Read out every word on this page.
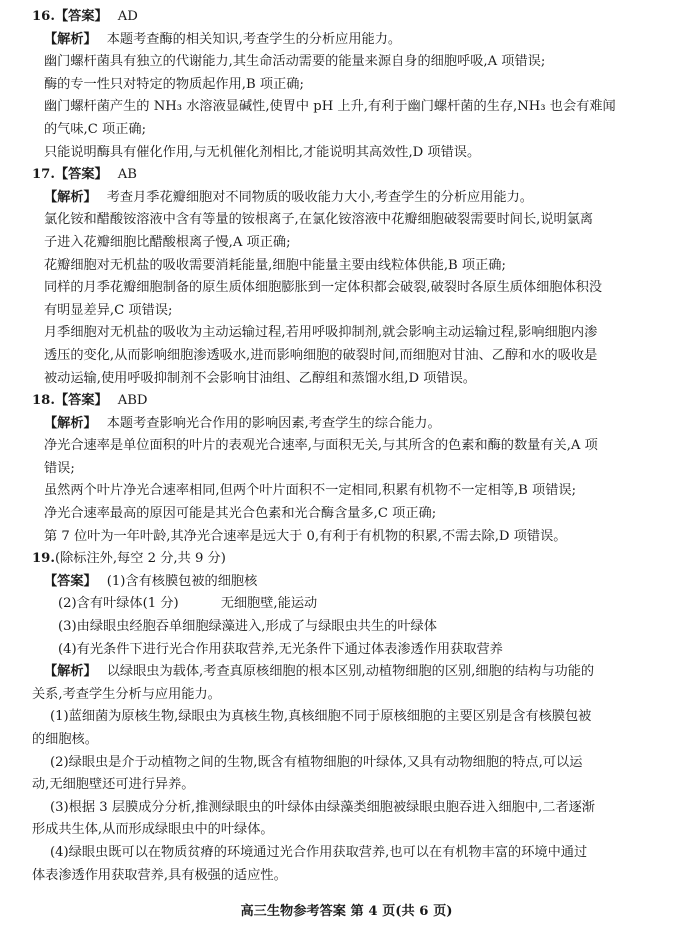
16.【答案】 AD
【解析】 本题考查酶的相关知识,考查学生的分析应用能力。
幽门螺杆菌具有独立的代谢能力,其生命活动需要的能量来源自身的细胞呼吸,A 项错误;
酶的专一性只对特定的物质起作用,B 项正确;
幽门螺杆菌产生的 NH₃ 水溶液显碱性,使胃中 pH 上升,有利于幽门螺杆菌的生存,NH₃ 也会有难闻
的气味,C 项正确;
只能说明酶具有催化作用,与无机催化剂相比,才能说明其高效性,D 项错误。
17.【答案】 AB
【解析】 考查月季花瓣细胞对不同物质的吸收能力大小,考查学生的分析应用能力。
氯化铵和醋酸铵溶液中含有等量的铵根离子,在氯化铵溶液中花瓣细胞破裂需要时间长,说明氯离
子进入花瓣细胞比醋酸根离子慢,A 项正确;
花瓣细胞对无机盐的吸收需要消耗能量,细胞中能量主要由线粒体供能,B 项正确;
同样的月季花瓣细胞制备的原生质体细胞膨胀到一定体积都会破裂,破裂时各原生质体细胞体积没
有明显差异,C 项错误;
月季细胞对无机盐的吸收为主动运输过程,若用呼吸抑制剂,就会影响主动运输过程,影响细胞内渗
透压的变化,从而影响细胞渗透吸水,进而影响细胞的破裂时间,而细胞对甘油、乙醇和水的吸收是
被动运输,使用呼吸抑制剂不会影响甘油组、乙醇组和蒸馏水组,D 项错误。
18.【答案】 ABD
【解析】 本题考查影响光合作用的影响因素,考查学生的综合能力。
净光合速率是单位面积的叶片的表观光合速率,与面积无关,与其所含的色素和酶的数量有关,A 项
错误;
虽然两个叶片净光合速率相同,但两个叶片面积不一定相同,积累有机物不一定相等,B 项错误;
净光合速率最高的原因可能是其光合色素和光合酶含量多,C 项正确;
第 7 位叶为一年叶龄,其净光合速率是远大于 0,有利于有机物的积累,不需去除,D 项错误。
19.(除标注外,每空 2 分,共 9 分)
【答案】 (1)含有核膜包被的细胞核
(2)含有叶绿体(1 分)	无细胞壁,能运动
(3)由绿眼虫经胞吞单细胞绿藻进入,形成了与绿眼虫共生的叶绿体
(4)有光条件下进行光合作用获取营养,无光条件下通过体表渗透作用获取营养
【解析】 以绿眼虫为载体,考查真原核细胞的根本区别,动植物细胞的区别,细胞的结构与功能的
关系,考查学生分析与应用能力。
(1)蓝细菌为原核生物,绿眼虫为真核生物,真核细胞不同于原核细胞的主要区别是含有核膜包被
的细胞核。
(2)绿眼虫是介于动植物之间的生物,既含有植物细胞的叶绿体,又具有动物细胞的特点,可以运
动,无细胞壁还可进行异养。
(3)根据 3 层膜成分分析,推测绿眼虫的叶绿体由绿藻类细胞被绿眼虫胞吞进入细胞中,二者逐渐
形成共生体,从而形成绿眼虫中的叶绿体。
(4)绿眼虫既可以在物质贫瘠的环境通过光合作用获取营养,也可以在有机物丰富的环境中通过
体表渗透作用获取营养,具有极强的适应性。
高三生物参考答案 第 4 页(共 6 页)
